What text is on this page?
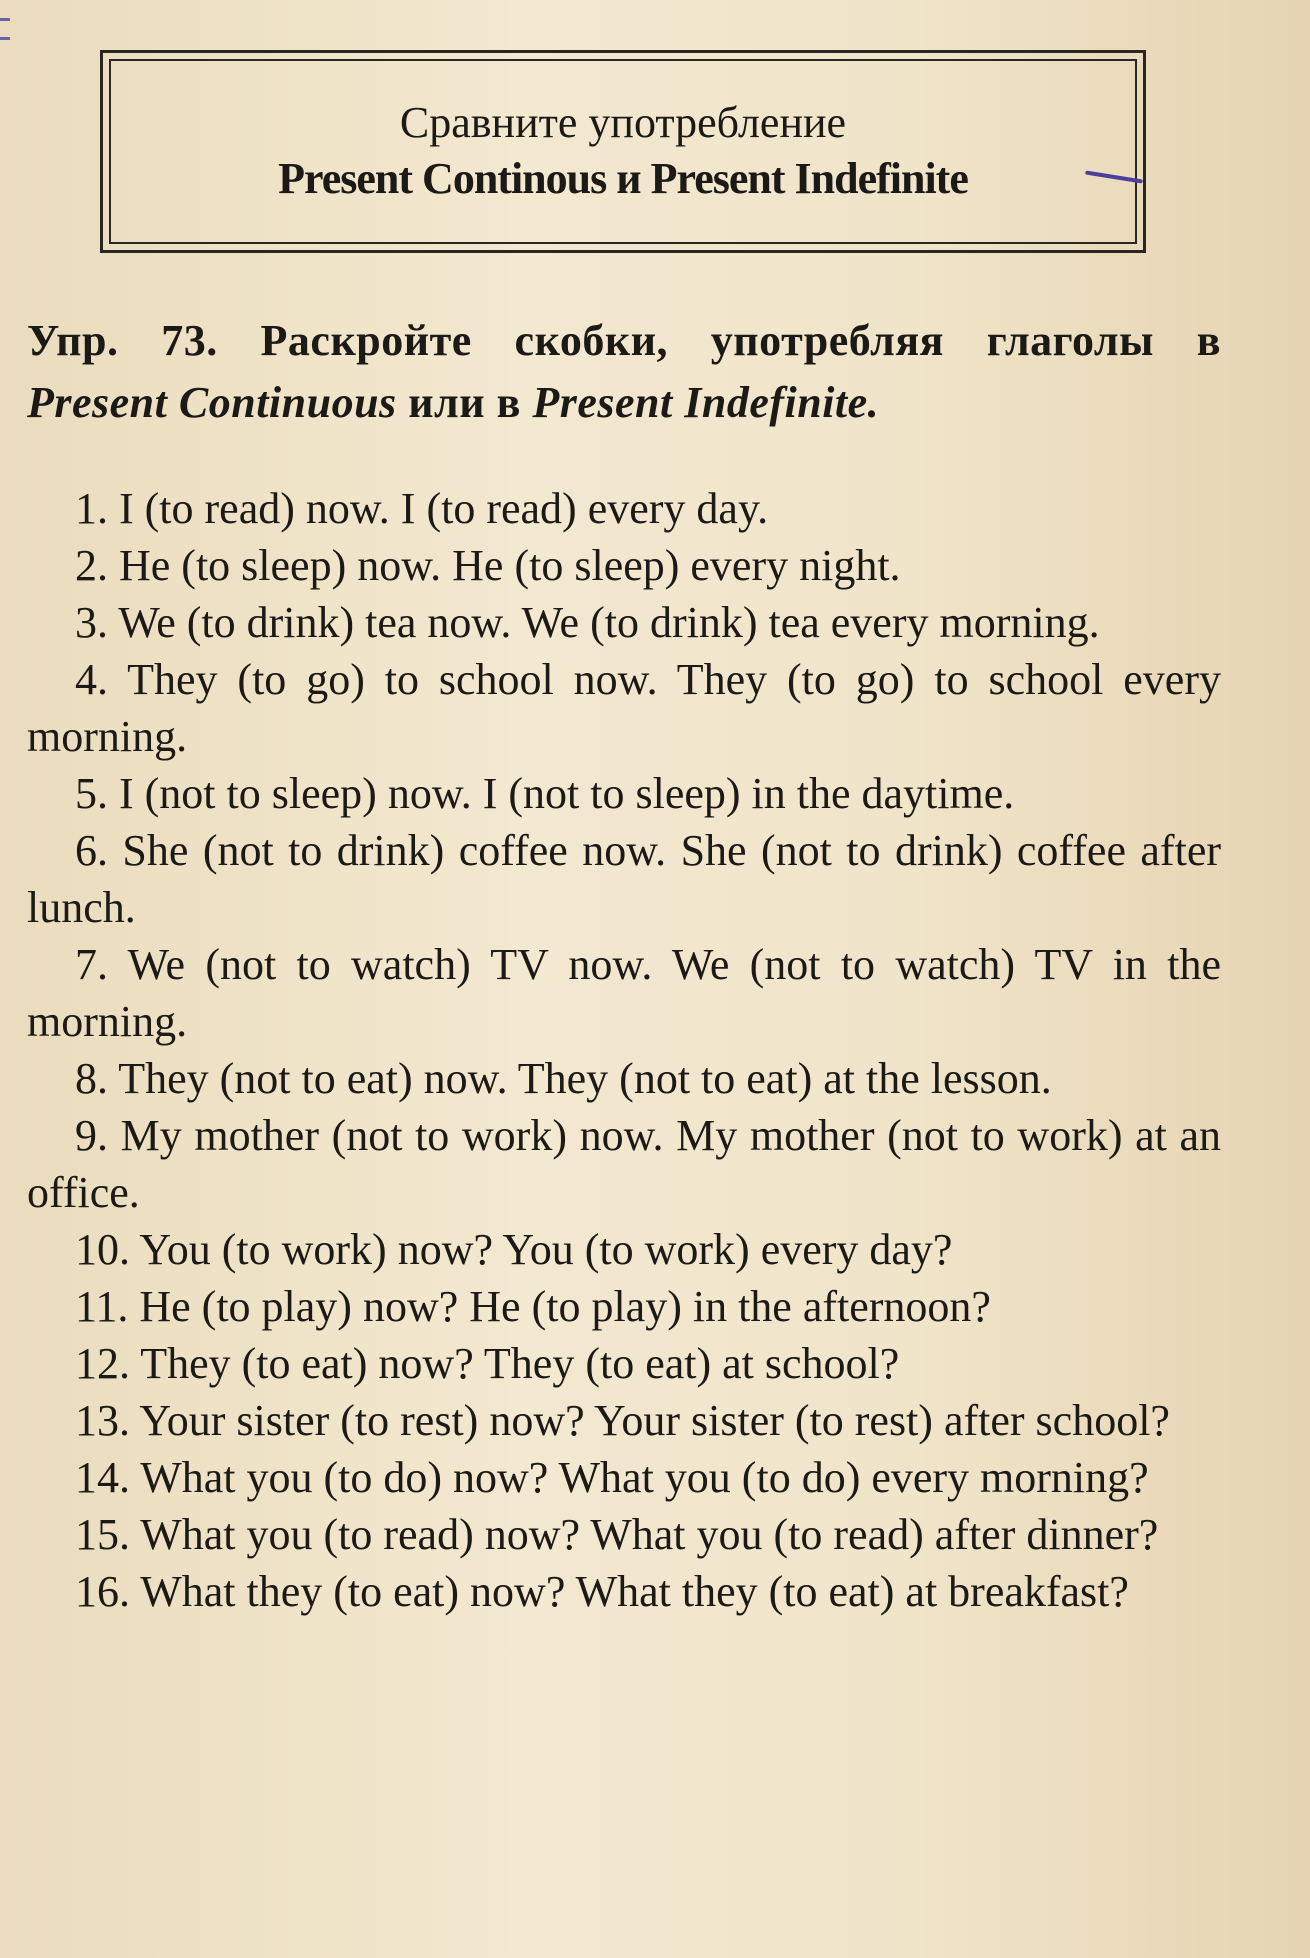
Сравните употребление
Present Continous и Present Indefinite
Упр. 73. Раскройте скобки, употребляя глаголы в
Present Continuous или в Present Indefinite.

1. I (to read) now. I (to read) every day.

2. He (to sleep) now. He (to sleep) every night.

3. We (to drink) tea now. We (to drink) tea every morning.

4. They (to go) to school now. They (to go) to school every morning.

5. I (not to sleep) now. I (not to sleep) in the daytime.

6. She (not to drink) coffee now. She (not to drink) coffee after lunch.

7. We (not to watch) TV now. We (not to watch) TV in the morning.

8. They (not to eat) now. They (not to eat) at the lesson.

9. My mother (not to work) now. My mother (not to work) at an office.

10. You (to work) now? You (to work) every day?

11. He (to play) now? He (to play) in the afternoon?

12. They (to eat) now? They (to eat) at school?

13. Your sister (to rest) now? Your sister (to rest) after school?

14. What you (to do) now? What you (to do) every morning?

15. What you (to read) now? What you (to read) after dinner?

16. What they (to eat) now? What they (to eat) at breakfast?
